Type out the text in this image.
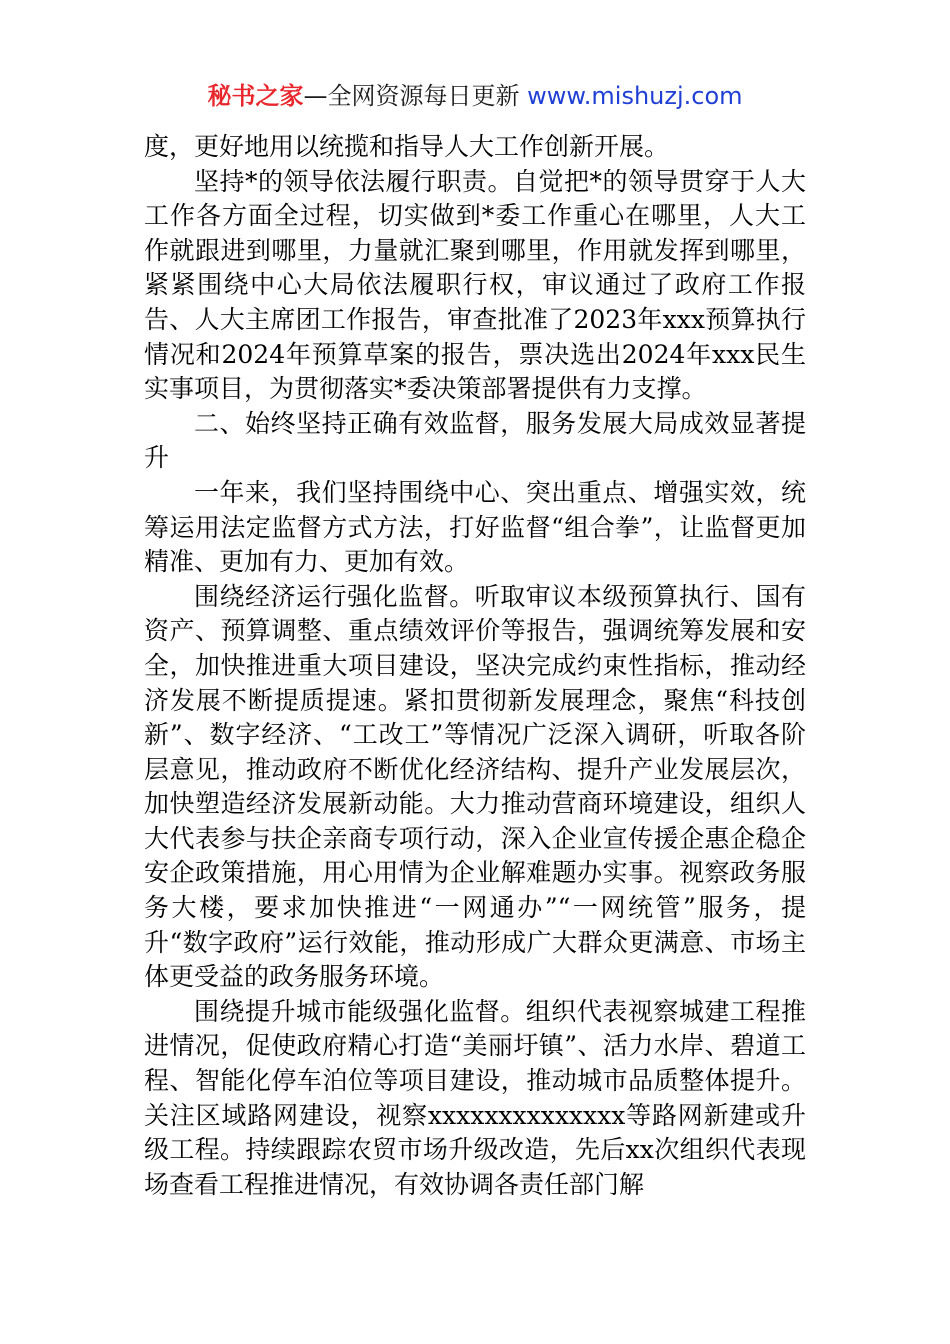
秘书之家—全网资源每日更新 www.mishuzj.com

度，更好地用以统揽和指导人大工作创新开展。

坚持*的领导依法履行职责。自觉把*的领导贯穿于人大工作各方面全过程，切实做到*委工作重心在哪里，人大工作就跟进到哪里，力量就汇聚到哪里，作用就发挥到哪里，紧紧围绕中心大局依法履职行权，审议通过了政府工作报告、人大主席团工作报告，审查批准了2023年xxx预算执行情况和2024年预算草案的报告，票决选出2024年xxx民生实事项目，为贯彻落实*委决策部署提供有力支撑。

二、始终坚持正确有效监督，服务发展大局成效显著提升

一年来，我们坚持围绕中心、突出重点、增强实效，统筹运用法定监督方式方法，打好监督“组合拳”，让监督更加精准、更加有力、更加有效。

围绕经济运行强化监督。听取审议本级预算执行、国有资产、预算调整、重点绩效评价等报告，强调统筹发展和安全，加快推进重大项目建设，坚决完成约束性指标，推动经济发展不断提质提速。紧扣贯彻新发展理念，聚焦“科技创新”、数字经济、“工改工”等情况广泛深入调研，听取各阶层意见，推动政府不断优化经济结构、提升产业发展层次，加快塑造经济发展新动能。大力推动营商环境建设，组织人大代表参与扶企亲商专项行动，深入企业宣传援企惠企稳企安企政策措施，用心用情为企业解难题办实事。视察政务服务大楼，要求加快推进“一网通办”“一网统管”服务，提升“数字政府”运行效能，推动形成广大群众更满意、市场主体更受益的政务服务环境。

围绕提升城市能级强化监督。组织代表视察城建工程推进情况，促使政府精心打造“美丽圩镇”、活力水岸、碧道工程、智能化停车泊位等项目建设，推动城市品质整体提升。关注区域路网建设，视察xxxxxxxxxxxxxx等路网新建或升级工程。持续跟踪农贸市场升级改造，先后xx次组织代表现场查看工程推进情况，有效协调各责任部门解
